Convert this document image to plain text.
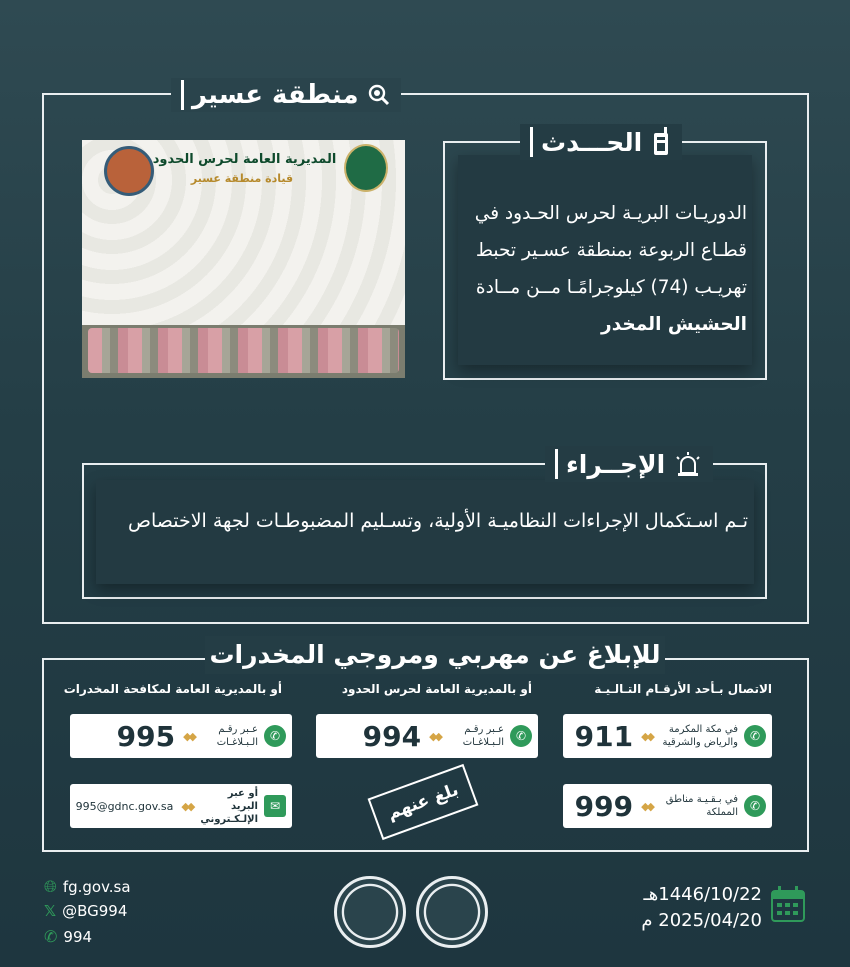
منطقة عسير
المديرية العامة لحرس الحدود
قيادة منطقة عسير
الحـــدث
الدوريـات البريـة لحرس الحـدود في قطـاع الربوعة بمنطقة عسـير تحبط تهريـب (74) كيلوجرامًـا مــن مــادة الحشيش المخدر
الإجــراء
تـم اسـتكمال الإجراءات النظاميـة الأولية، وتسـليم المضبوطـات لجهة الاختصاص
للإبلاغ عن مهربي ومروجي المخدرات
الاتصال بـأحد الأرقـام التـالـيـة
أو بالمديرية العامة لحرس الحدود
أو بالمديرية العامة لمكافحة المخدرات
✆
في مكة المكرمة والرياض والشرقية
◆◆
911
✆
في بـقـيـة مناطق المملكة
◆◆
999
✆
عـبر رقـم الـبـلاغـات
◆◆
994
✆
عـبر رقـم الـبـلاغـات
◆◆
995
✉
أو عبر البريد الإلـكـتروني
◆◆
995@gdnc.gov.sa	بلغ عنهم
🌐︎ fg.gov.sa
𝕏 @BG994
✆ 994
1446/10/22هـ
2025/04/20 م
